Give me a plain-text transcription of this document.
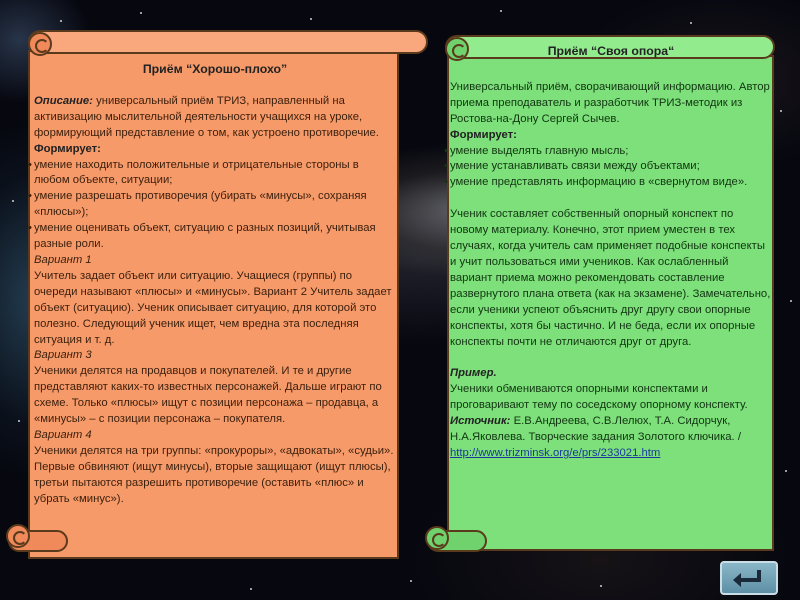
Приём “Хорошо-плохо”

Описание: универсальный приём ТРИЗ, направленный на активизацию мыслительной деятельности учащихся на уроке, формирующий представление о том, как устроено противоречие.

Формирует:

• умение находить положительные и отрицательные стороны в любом объекте, ситуации;
• умение разрешать противоречия (убирать «минусы», сохраняя «плюсы»);
• умение оценивать объект, ситуацию с разных позиций, учитывая разные роли.

Вариант 1

Учитель задает объект или ситуацию. Учащиеся (группы) по очереди называют «плюсы» и «минусы». Вариант 2 Учитель задает объект (ситуацию). Ученик описывает ситуацию, для которой это полезно. Следующий ученик ищет, чем вредна эта последняя ситуация и т. д.

Вариант 3

Ученики делятся на продавцов и покупателей. И те и другие представляют каких-то известных персонажей. Дальше играют по схеме. Только «плюсы» ищут с позиции персонажа – продавца, а «минусы» – с позиции персонажа – покупателя.

Вариант 4

Ученики делятся на три группы: «прокуроры», «адвокаты», «судьи». Первые обвиняют (ищут минусы), вторые защищают (ищут плюсы), третьи пытаются разрешить противоречие (оставить «плюс» и убрать «минус»).

Приём “Своя опора“

Универсальный приём, сворачивающий информацию. Автор приема преподаватель и разработчик ТРИЗ-методик из Ростова-на-Дону Сергей Сычев.

Формирует:

• умение выделять главную мысль;
• умение устанавливать связи между объектами;
• умение представлять информацию в «свернутом виде».

Ученик составляет собственный опорный конспект по новому материалу. Конечно, этот прием уместен в тех случаях, когда учитель сам применяет подобные конспекты и учит пользоваться ими учеников. Как ослабленный вариант приема можно рекомендовать составление развернутого плана ответа (как на экзамене). Замечательно, если ученики успеют объяснить друг другу свои опорные конспекты, хотя бы частично. И не беда, если их опорные конспекты почти не отличаются друг от друга.

Пример.

Ученики обмениваются опорными конспектами и проговаривают тему по соседскому опорному конспекту.

Источник: Е.В.Андреева, С.В.Лелюх, Т.А. Сидорчук, Н.А.Яковлева. Творческие задания Золотого ключика. /

http://www.trizminsk.org/e/prs/233021.htm
